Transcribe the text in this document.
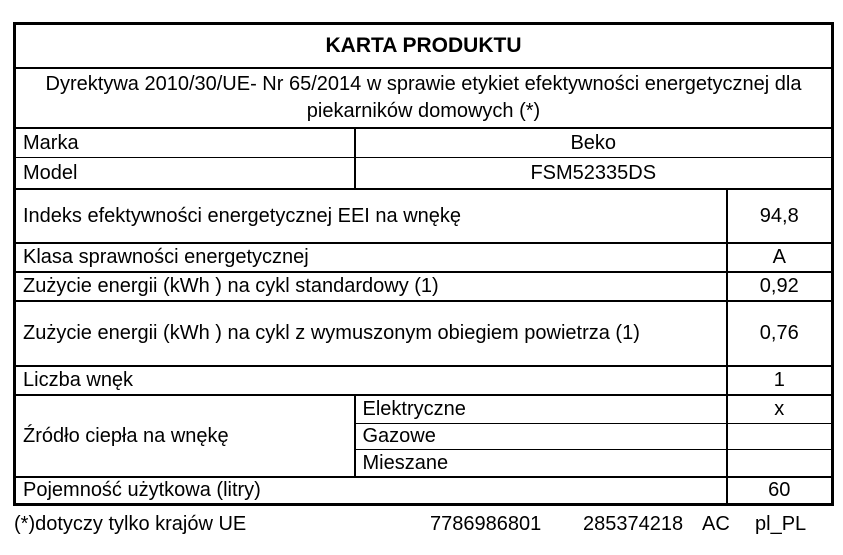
KARTA PRODUKTU		
Dyrektywa 2010/30/UE- Nr 65/2014 w sprawie etykiet efektywności energetycznej dla piekarników domowych (*)		
Marka	Beko	
Model	FSM52335DS	
Indeks efektywności energetycznej EEI na wnękę		94,8
Klasa sprawności energetycznej		A
Zużycie energii (kWh ) na cykl standardowy (1)		0,92
Zużycie energii (kWh ) na cykl z wymuszonym obiegiem powietrza (1)		0,76
Liczba wnęk		1
Źródło ciepła na wnękę	Elektryczne	x
	Gazowe	
	Mieszane	
Pojemność użytkowa (litry)		60
(*)dotyczy tylko krajów UE	7786986801 285374218 AC pl_PL
